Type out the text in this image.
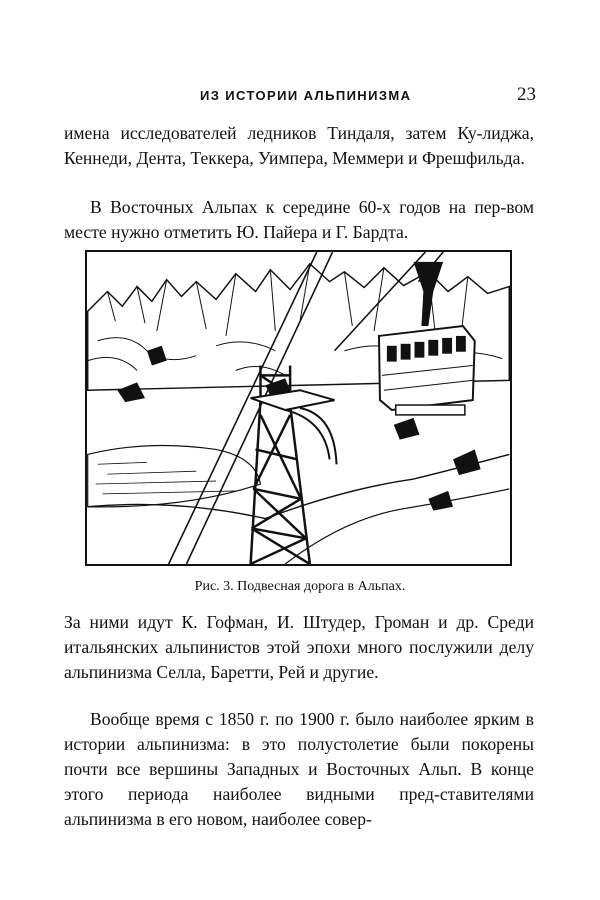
ИЗ ИСТОРИИ АЛЬПИНИЗМА	23

имена исследователей ледников Тиндаля, затем Ку-лиджа, Кеннеди, Дента, Теккера, Уимпера, Меммери и Фрешфильда.

В Восточных Альпах к середине 60-х годов на пер-вом месте нужно отметить Ю. Пайера и Г. Бардта.

Рис. 3. Подвесная дорога в Альпах.

За ними идут К. Гофман, И. Штудер, Громан и др. Среди итальянских альпинистов этой эпохи много послужили делу альпинизма Селла, Баретти, Рей и другие.

Вообще время с 1850 г. по 1900 г. было наиболее ярким в истории альпинизма: в это полустолетие были покорены почти все вершины Западных и Восточных Альп. В конце этого периода наиболее видными пред-ставителями альпинизма в его новом, наиболее совер-
